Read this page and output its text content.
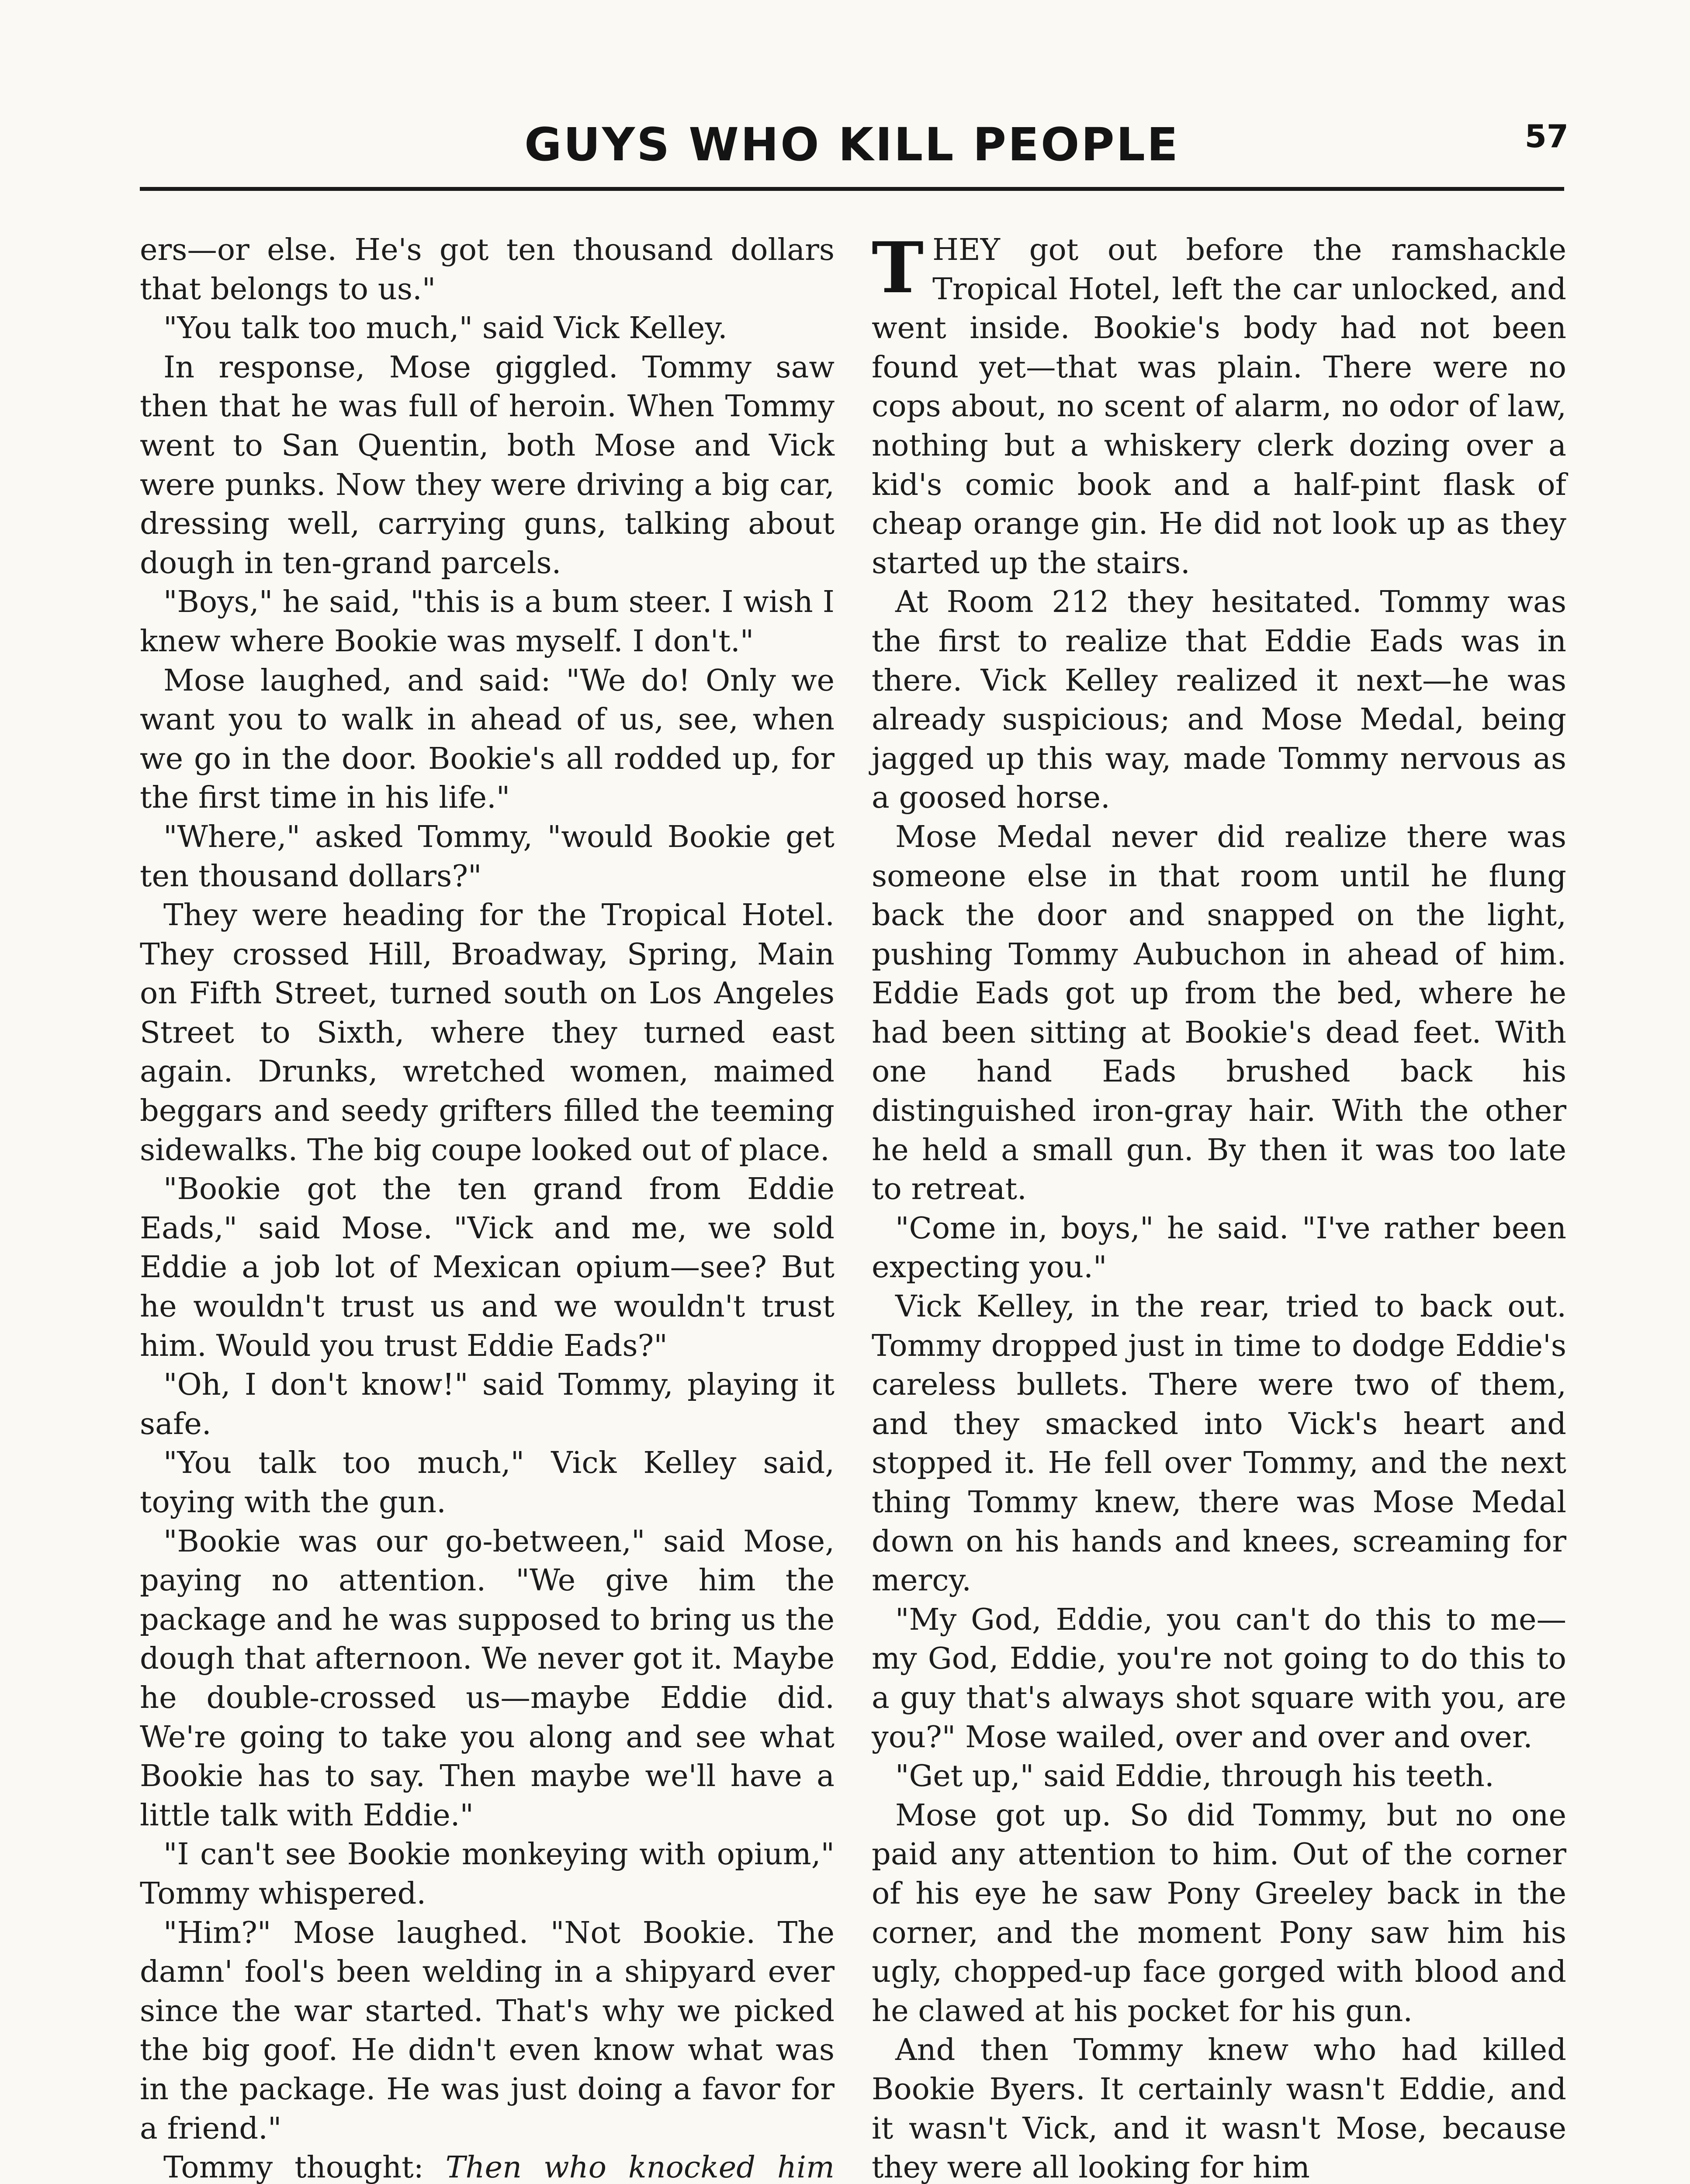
GUYS WHO KILL PEOPLE	57

ers—or else. He's got ten thousand dollars that belongs to us."

"You talk too much," said Vick Kelley.

In response, Mose giggled. Tommy saw then that he was full of heroin. When Tommy went to San Quentin, both Mose and Vick were punks. Now they were driving a big car, dressing well, carrying guns, talking about dough in ten-grand parcels.

"Boys," he said, "this is a bum steer. I wish I knew where Bookie was myself. I don't."

Mose laughed, and said: "We do! Only we want you to walk in ahead of us, see, when we go in the door. Bookie's all rodded up, for the first time in his life."

"Where," asked Tommy, "would Bookie get ten thousand dollars?"

They were heading for the Tropical Hotel. They crossed Hill, Broadway, Spring, Main on Fifth Street, turned south on Los Angeles Street to Sixth, where they turned east again. Drunks, wretched women, maimed beggars and seedy grifters filled the teeming sidewalks. The big coupe looked out of place.

"Bookie got the ten grand from Eddie Eads," said Mose. "Vick and me, we sold Eddie a job lot of Mexican opium—see? But he wouldn't trust us and we wouldn't trust him. Would you trust Eddie Eads?"

"Oh, I don't know!" said Tommy, playing it safe.

"You talk too much," Vick Kelley said, toying with the gun.

"Bookie was our go-between," said Mose, paying no attention. "We give him the package and he was supposed to bring us the dough that afternoon. We never got it. Maybe he double-crossed us—maybe Eddie did. We're going to take you along and see what Bookie has to say. Then maybe we'll have a little talk with Eddie."

"I can't see Bookie monkeying with opium," Tommy whispered.

"Him?" Mose laughed. "Not Bookie. The damn' fool's been welding in a shipyard ever since the war started. That's why we picked the big goof. He didn't even know what was in the package. He was just doing a favor for a friend."

Tommy thought: Then who knocked him

THEY got out before the ramshackle Tropical Hotel, left the car unlocked, and went inside. Bookie's body had not been found yet—that was plain. There were no cops about, no scent of alarm, no odor of law, nothing but a whiskery clerk dozing over a kid's comic book and a half-pint flask of cheap orange gin. He did not look up as they started up the stairs.

At Room 212 they hesitated. Tommy was the first to realize that Eddie Eads was in there. Vick Kelley realized it next—he was already suspicious; and Mose Medal, being jagged up this way, made Tommy nervous as a goosed horse.

Mose Medal never did realize there was someone else in that room until he flung back the door and snapped on the light, pushing Tommy Aubuchon in ahead of him. Eddie Eads got up from the bed, where he had been sitting at Bookie's dead feet. With one hand Eads brushed back his distinguished iron-gray hair. With the other he held a small gun. By then it was too late to retreat.

"Come in, boys," he said. "I've rather been expecting you."

Vick Kelley, in the rear, tried to back out. Tommy dropped just in time to dodge Eddie's careless bullets. There were two of them, and they smacked into Vick's heart and stopped it. He fell over Tommy, and the next thing Tommy knew, there was Mose Medal down on his hands and knees, screaming for mercy.

"My God, Eddie, you can't do this to me—my God, Eddie, you're not going to do this to a guy that's always shot square with you, are you?" Mose wailed, over and over and over.

"Get up," said Eddie, through his teeth.

Mose got up. So did Tommy, but no one paid any attention to him. Out of the corner of his eye he saw Pony Greeley back in the corner, and the moment Pony saw him his ugly, chopped-up face gorged with blood and he clawed at his pocket for his gun.

And then Tommy knew who had killed Bookie Byers. It certainly wasn't Eddie, and it wasn't Vick, and it wasn't Mose, because they were all looking for him
